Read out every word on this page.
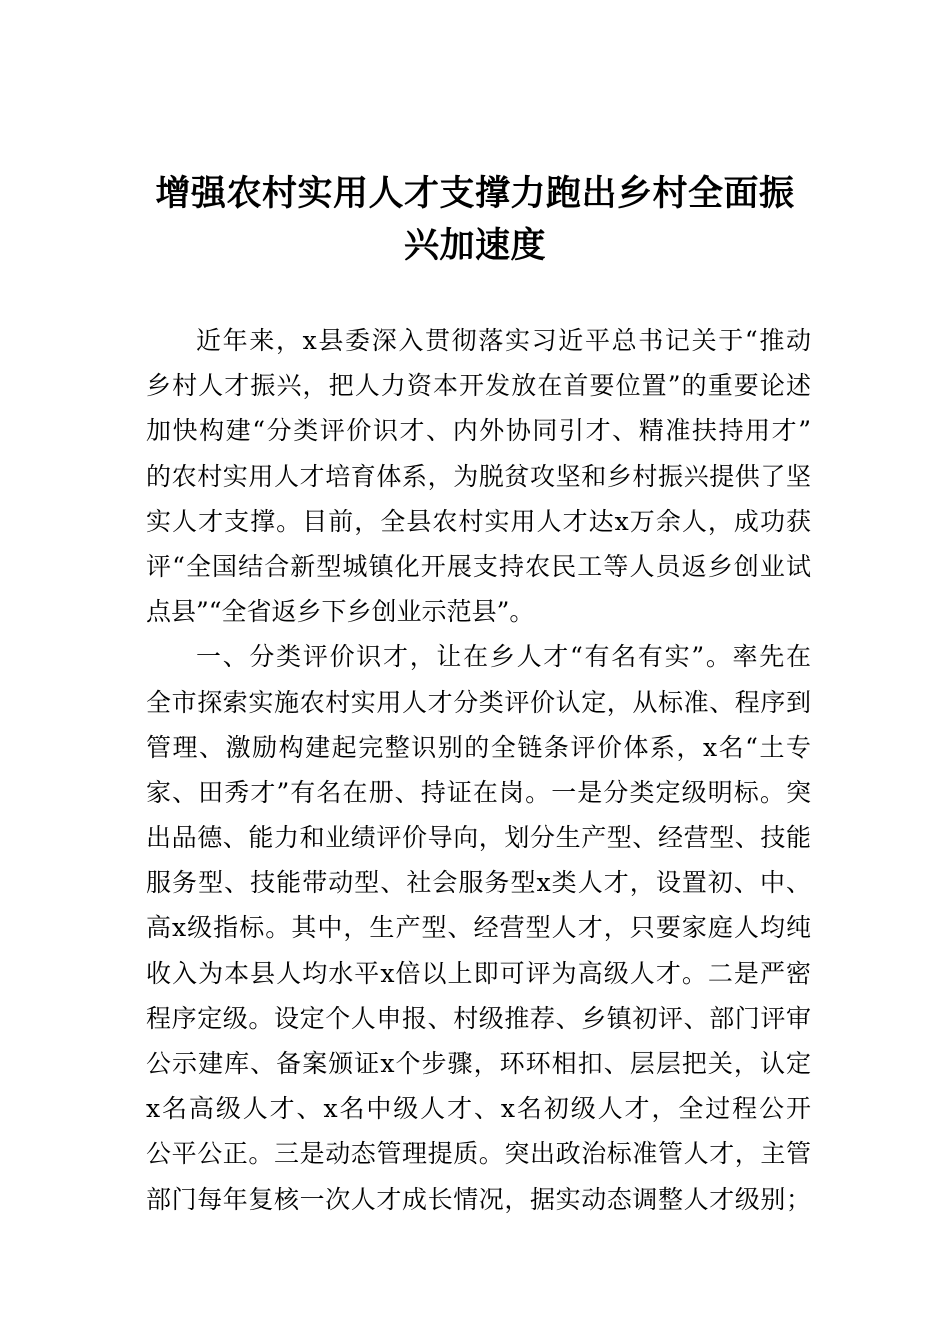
增强农村实用人才支撑力跑出乡村全面振
兴加速度
近年来，x县委深入贯彻落实习近平总书记关于“推动
乡村人才振兴，把人力资本开发放在首要位置”的重要论述
加快构建“分类评价识才、内外协同引才、精准扶持用才”
的农村实用人才培育体系，为脱贫攻坚和乡村振兴提供了坚
实人才支撑。目前，全县农村实用人才达x万余人，成功获
评“全国结合新型城镇化开展支持农民工等人员返乡创业试
点县”“全省返乡下乡创业示范县”。
一、分类评价识才，让在乡人才“有名有实”。率先在
全市探索实施农村实用人才分类评价认定，从标准、程序到
管理、激励构建起完整识别的全链条评价体系，x名“土专
家、田秀才”有名在册、持证在岗。一是分类定级明标。突
出品德、能力和业绩评价导向，划分生产型、经营型、技能
服务型、技能带动型、社会服务型x类人才，设置初、中、
高x级指标。其中，生产型、经营型人才，只要家庭人均纯
收入为本县人均水平x倍以上即可评为高级人才。二是严密
程序定级。设定个人申报、村级推荐、乡镇初评、部门评审
公示建库、备案颁证x个步骤，环环相扣、层层把关，认定
x名高级人才、x名中级人才、x名初级人才，全过程公开
公平公正。三是动态管理提质。突出政治标准管人才，主管
部门每年复核一次人才成长情况，据实动态调整人才级别；
